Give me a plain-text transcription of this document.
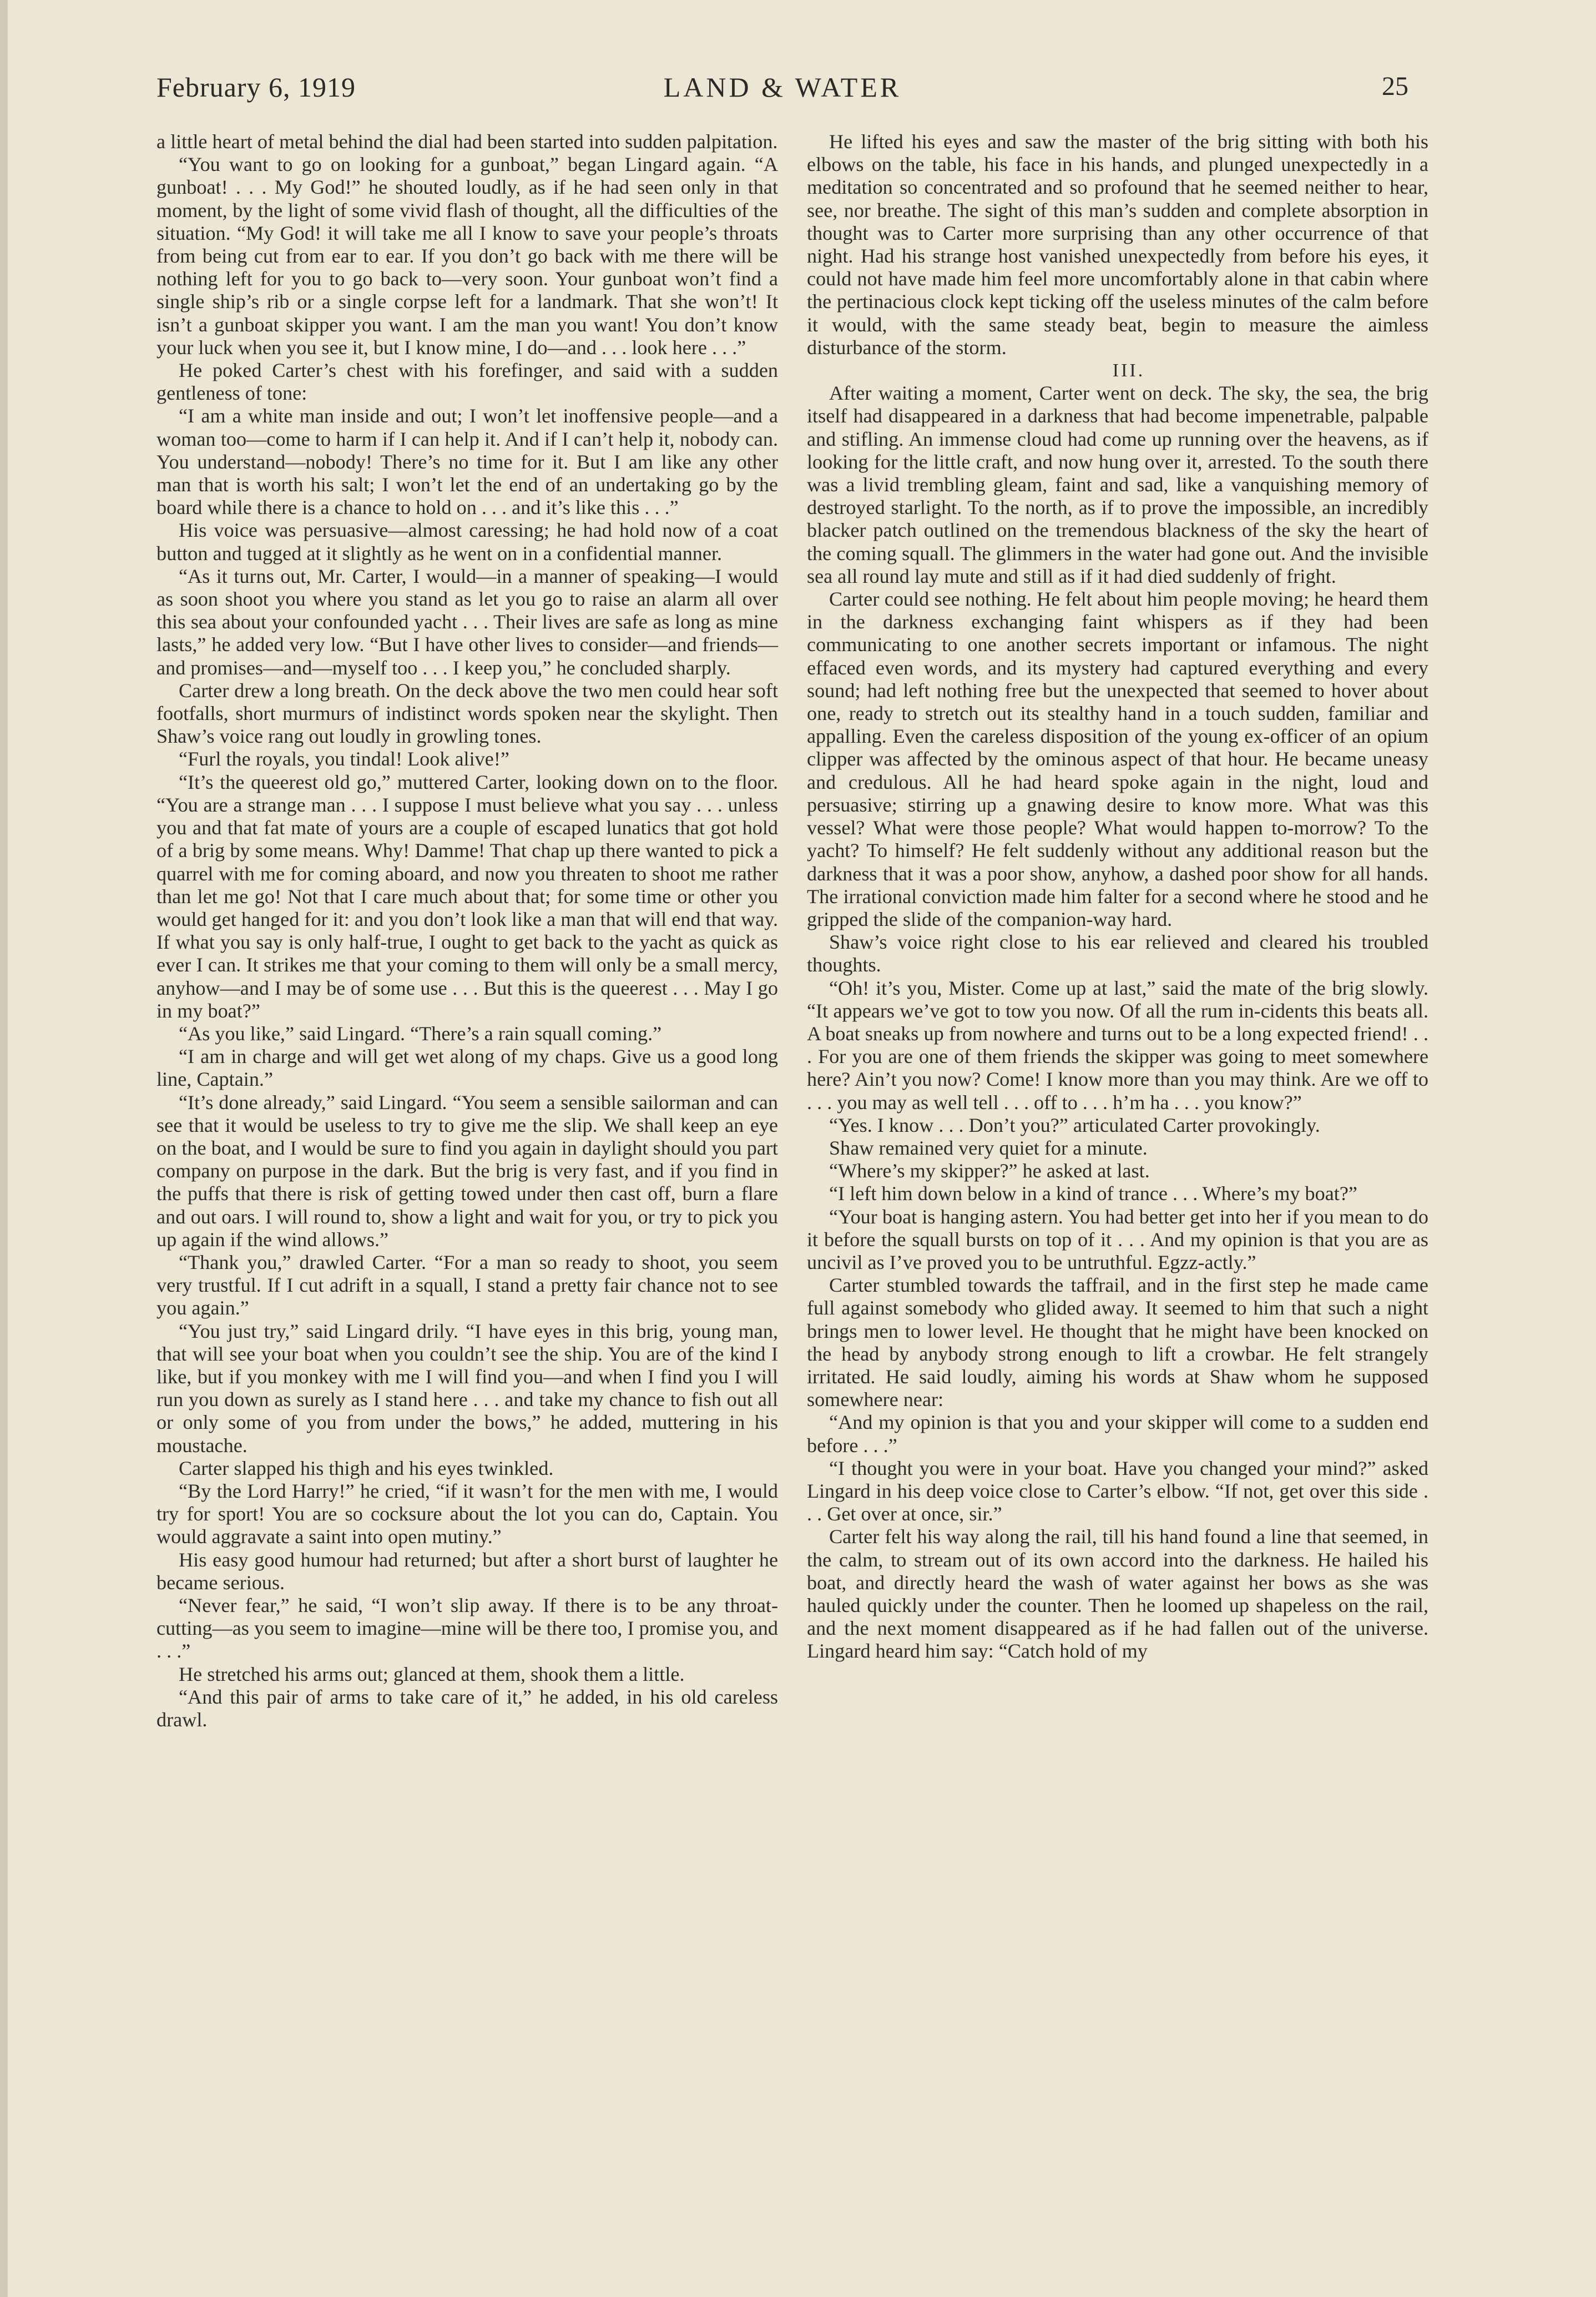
February 6, 1919	LAND & WATER	25

a little heart of metal behind the dial had been started into sudden palpitation.

“You want to go on looking for a gunboat,” began Lingard again. “A gunboat! . . . My God!” he shouted loudly, as if he had seen only in that moment, by the light of some vivid flash of thought, all the difficulties of the situation. “My God! it will take me all I know to save your people’s throats from being cut from ear to ear. If you don’t go back with me there will be nothing left for you to go back to—very soon. Your gunboat won’t find a single ship’s rib or a single corpse left for a landmark. That she won’t! It isn’t a gunboat skipper you want. I am the man you want! You don’t know your luck when you see it, but I know mine, I do—and . . . look here . . .”

He poked Carter’s chest with his forefinger, and said with a sudden gentleness of tone:

“I am a white man inside and out; I won’t let inoffensive people—and a woman too—come to harm if I can help it. And if I can’t help it, nobody can. You understand—nobody! There’s no time for it. But I am like any other man that is worth his salt; I won’t let the end of an undertaking go by the board while there is a chance to hold on . . . and it’s like this . . .”

His voice was persuasive—almost caressing; he had hold now of a coat button and tugged at it slightly as he went on in a confidential manner.

“As it turns out, Mr. Carter, I would—in a manner of speaking—I would as soon shoot you where you stand as let you go to raise an alarm all over this sea about your confounded yacht . . . Their lives are safe as long as mine lasts,” he added very low. “But I have other lives to consider—and friends—and promises—and—myself too . . . I keep you,” he concluded sharply.

Carter drew a long breath. On the deck above the two men could hear soft footfalls, short murmurs of indistinct words spoken near the skylight. Then Shaw’s voice rang out loudly in growling tones.

“Furl the royals, you tindal! Look alive!”

“It’s the queerest old go,” muttered Carter, looking down on to the floor. “You are a strange man . . . I suppose I must believe what you say . . . unless you and that fat mate of yours are a couple of escaped lunatics that got hold of a brig by some means. Why! Damme! That chap up there wanted to pick a quarrel with me for coming aboard, and now you threaten to shoot me rather than let me go! Not that I care much about that; for some time or other you would get hanged for it: and you don’t look like a man that will end that way. If what you say is only half-true, I ought to get back to the yacht as quick as ever I can. It strikes me that your coming to them will only be a small mercy, anyhow—and I may be of some use . . . But this is the queerest . . . May I go in my boat?”

“As you like,” said Lingard. “There’s a rain squall coming.”

“I am in charge and will get wet along of my chaps. Give us a good long line, Captain.”

“It’s done already,” said Lingard. “You seem a sensible sailorman and can see that it would be useless to try to give me the slip. We shall keep an eye on the boat, and I would be sure to find you again in daylight should you part company on purpose in the dark. But the brig is very fast, and if you find in the puffs that there is risk of getting towed under then cast off, burn a flare and out oars. I will round to, show a light and wait for you, or try to pick you up again if the wind allows.”

“Thank you,” drawled Carter. “For a man so ready to shoot, you seem very trustful. If I cut adrift in a squall, I stand a pretty fair chance not to see you again.”

“You just try,” said Lingard drily. “I have eyes in this brig, young man, that will see your boat when you couldn’t see the ship. You are of the kind I like, but if you monkey with me I will find you—and when I find you I will run you down as surely as I stand here . . . and take my chance to fish out all or only some of you from under the bows,” he added, muttering in his moustache.

Carter slapped his thigh and his eyes twinkled.

“By the Lord Harry!” he cried, “if it wasn’t for the men with me, I would try for sport! You are so cocksure about the lot you can do, Captain. You would aggravate a saint into open mutiny.”

His easy good humour had returned; but after a short burst of laughter he became serious.

“Never fear,” he said, “I won’t slip away. If there is to be any throat-cutting—as you seem to imagine—mine will be there too, I promise you, and . . .”

He stretched his arms out; glanced at them, shook them a little.

“And this pair of arms to take care of it,” he added, in his old careless drawl.

He lifted his eyes and saw the master of the brig sitting with both his elbows on the table, his face in his hands, and plunged unexpectedly in a meditation so concentrated and so profound that he seemed neither to hear, see, nor breathe. The sight of this man’s sudden and complete absorption in thought was to Carter more surprising than any other occurrence of that night. Had his strange host vanished unexpectedly from before his eyes, it could not have made him feel more uncomfortably alone in that cabin where the pertinacious clock kept ticking off the useless minutes of the calm before it would, with the same steady beat, begin to measure the aimless disturbance of the storm.

III.

After waiting a moment, Carter went on deck. The sky, the sea, the brig itself had disappeared in a darkness that had become impenetrable, palpable and stifling. An immense cloud had come up running over the heavens, as if looking for the little craft, and now hung over it, arrested. To the south there was a livid trembling gleam, faint and sad, like a vanquishing memory of destroyed starlight. To the north, as if to prove the impossible, an incredibly blacker patch outlined on the tremendous blackness of the sky the heart of the coming squall. The glimmers in the water had gone out. And the invisible sea all round lay mute and still as if it had died suddenly of fright.

Carter could see nothing. He felt about him people moving; he heard them in the darkness exchanging faint whispers as if they had been communicating to one another secrets important or infamous. The night effaced even words, and its mystery had captured everything and every sound; had left nothing free but the unexpected that seemed to hover about one, ready to stretch out its stealthy hand in a touch sudden, familiar and appalling. Even the careless disposition of the young ex-officer of an opium clipper was affected by the ominous aspect of that hour. He became uneasy and credulous. All he had heard spoke again in the night, loud and persuasive; stirring up a gnawing desire to know more. What was this vessel? What were those people? What would happen to-morrow? To the yacht? To himself? He felt suddenly without any additional reason but the darkness that it was a poor show, anyhow, a dashed poor show for all hands. The irrational conviction made him falter for a second where he stood and he gripped the slide of the companion-way hard.

Shaw’s voice right close to his ear relieved and cleared his troubled thoughts.

“Oh! it’s you, Mister. Come up at last,” said the mate of the brig slowly. “It appears we’ve got to tow you now. Of all the rum in-cidents this beats all. A boat sneaks up from nowhere and turns out to be a long expected friend! . . . For you are one of them friends the skipper was going to meet somewhere here? Ain’t you now? Come! I know more than you may think. Are we off to . . . you may as well tell . . . off to . . . h’m ha . . . you know?”

“Yes. I know . . . Don’t you?” articulated Carter provokingly.

Shaw remained very quiet for a minute.

“Where’s my skipper?” he asked at last.

“I left him down below in a kind of trance . . . Where’s my boat?”

“Your boat is hanging astern. You had better get into her if you mean to do it before the squall bursts on top of it . . . And my opinion is that you are as uncivil as I’ve proved you to be untruthful. Egzz-actly.”

Carter stumbled towards the taffrail, and in the first step he made came full against somebody who glided away. It seemed to him that such a night brings men to lower level. He thought that he might have been knocked on the head by anybody strong enough to lift a crowbar. He felt strangely irritated. He said loudly, aiming his words at Shaw whom he supposed somewhere near:

“And my opinion is that you and your skipper will come to a sudden end before . . .”

“I thought you were in your boat. Have you changed your mind?” asked Lingard in his deep voice close to Carter’s elbow. “If not, get over this side . . . Get over at once, sir.”

Carter felt his way along the rail, till his hand found a line that seemed, in the calm, to stream out of its own accord into the darkness. He hailed his boat, and directly heard the wash of water against her bows as she was hauled quickly under the counter. Then he loomed up shapeless on the rail, and the next moment disappeared as if he had fallen out of the universe. Lingard heard him say: “Catch hold of my
